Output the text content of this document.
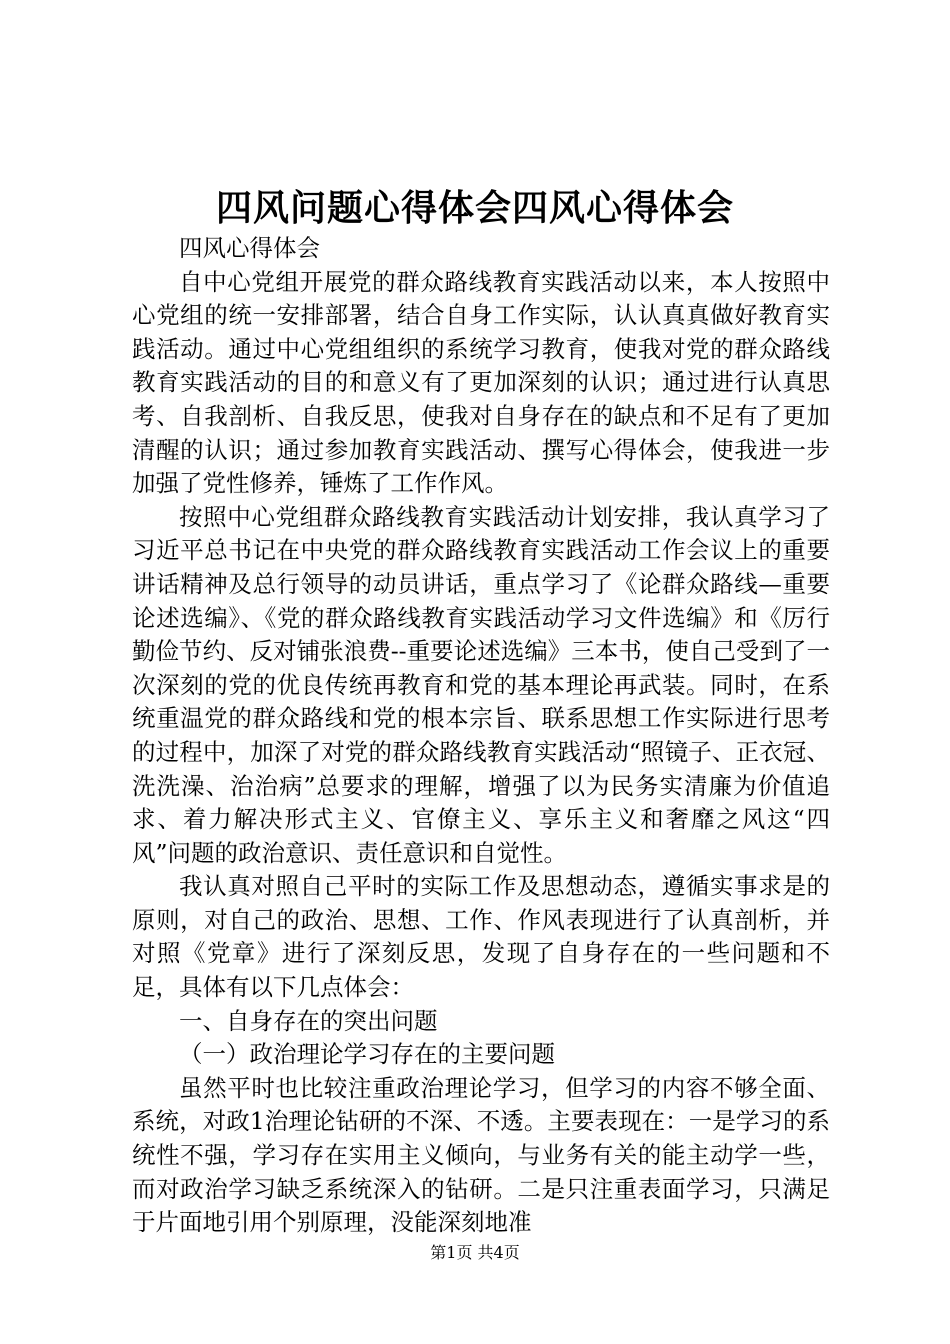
四风问题心得体会四风心得体会

四风心得体会

自中心党组开展党的群众路线教育实践活动以来，本人按照中心党组的统一安排部署，结合自身工作实际，认认真真做好教育实践活动。通过中心党组组织的系统学习教育，使我对党的群众路线教育实践活动的目的和意义有了更加深刻的认识；通过进行认真思考、自我剖析、自我反思，使我对自身存在的缺点和不足有了更加清醒的认识；通过参加教育实践活动、撰写心得体会，使我进一步加强了党性修养，锤炼了工作作风。

按照中心党组群众路线教育实践活动计划安排，我认真学习了习近平总书记在中央党的群众路线教育实践活动工作会议上的重要讲话精神及总行领导的动员讲话，重点学习了《论群众路线—重要论述选编》、《党的群众路线教育实践活动学习文件选编》和《厉行勤俭节约、反对铺张浪费--重要论述选编》三本书，使自己受到了一次深刻的党的优良传统再教育和党的基本理论再武装。同时，在系统重温党的群众路线和党的根本宗旨、联系思想工作实际进行思考的过程中，加深了对党的群众路线教育实践活动“照镜子、正衣冠、洗洗澡、治治病”总要求的理解，增强了以为民务实清廉为价值追求、着力解决形式主义、官僚主义、享乐主义和奢靡之风这“四风”问题的政治意识、责任意识和自觉性。

我认真对照自己平时的实际工作及思想动态，遵循实事求是的原则，对自己的政治、思想、工作、作风表现进行了认真剖析，并对照《党章》进行了深刻反思，发现了自身存在的一些问题和不足，具体有以下几点体会：

一、自身存在的突出问题

（一）政治理论学习存在的主要问题

虽然平时也比较注重政治理论学习，但学习的内容不够全面、系统，对政1治理论钻研的不深、不透。主要表现在：一是学习的系统性不强，学习存在实用主义倾向，与业务有关的能主动学一些，而对政治学习缺乏系统深入的钻研。二是只注重表面学习，只满足于片面地引用个别原理，没能深刻地准

第1页 共4页
